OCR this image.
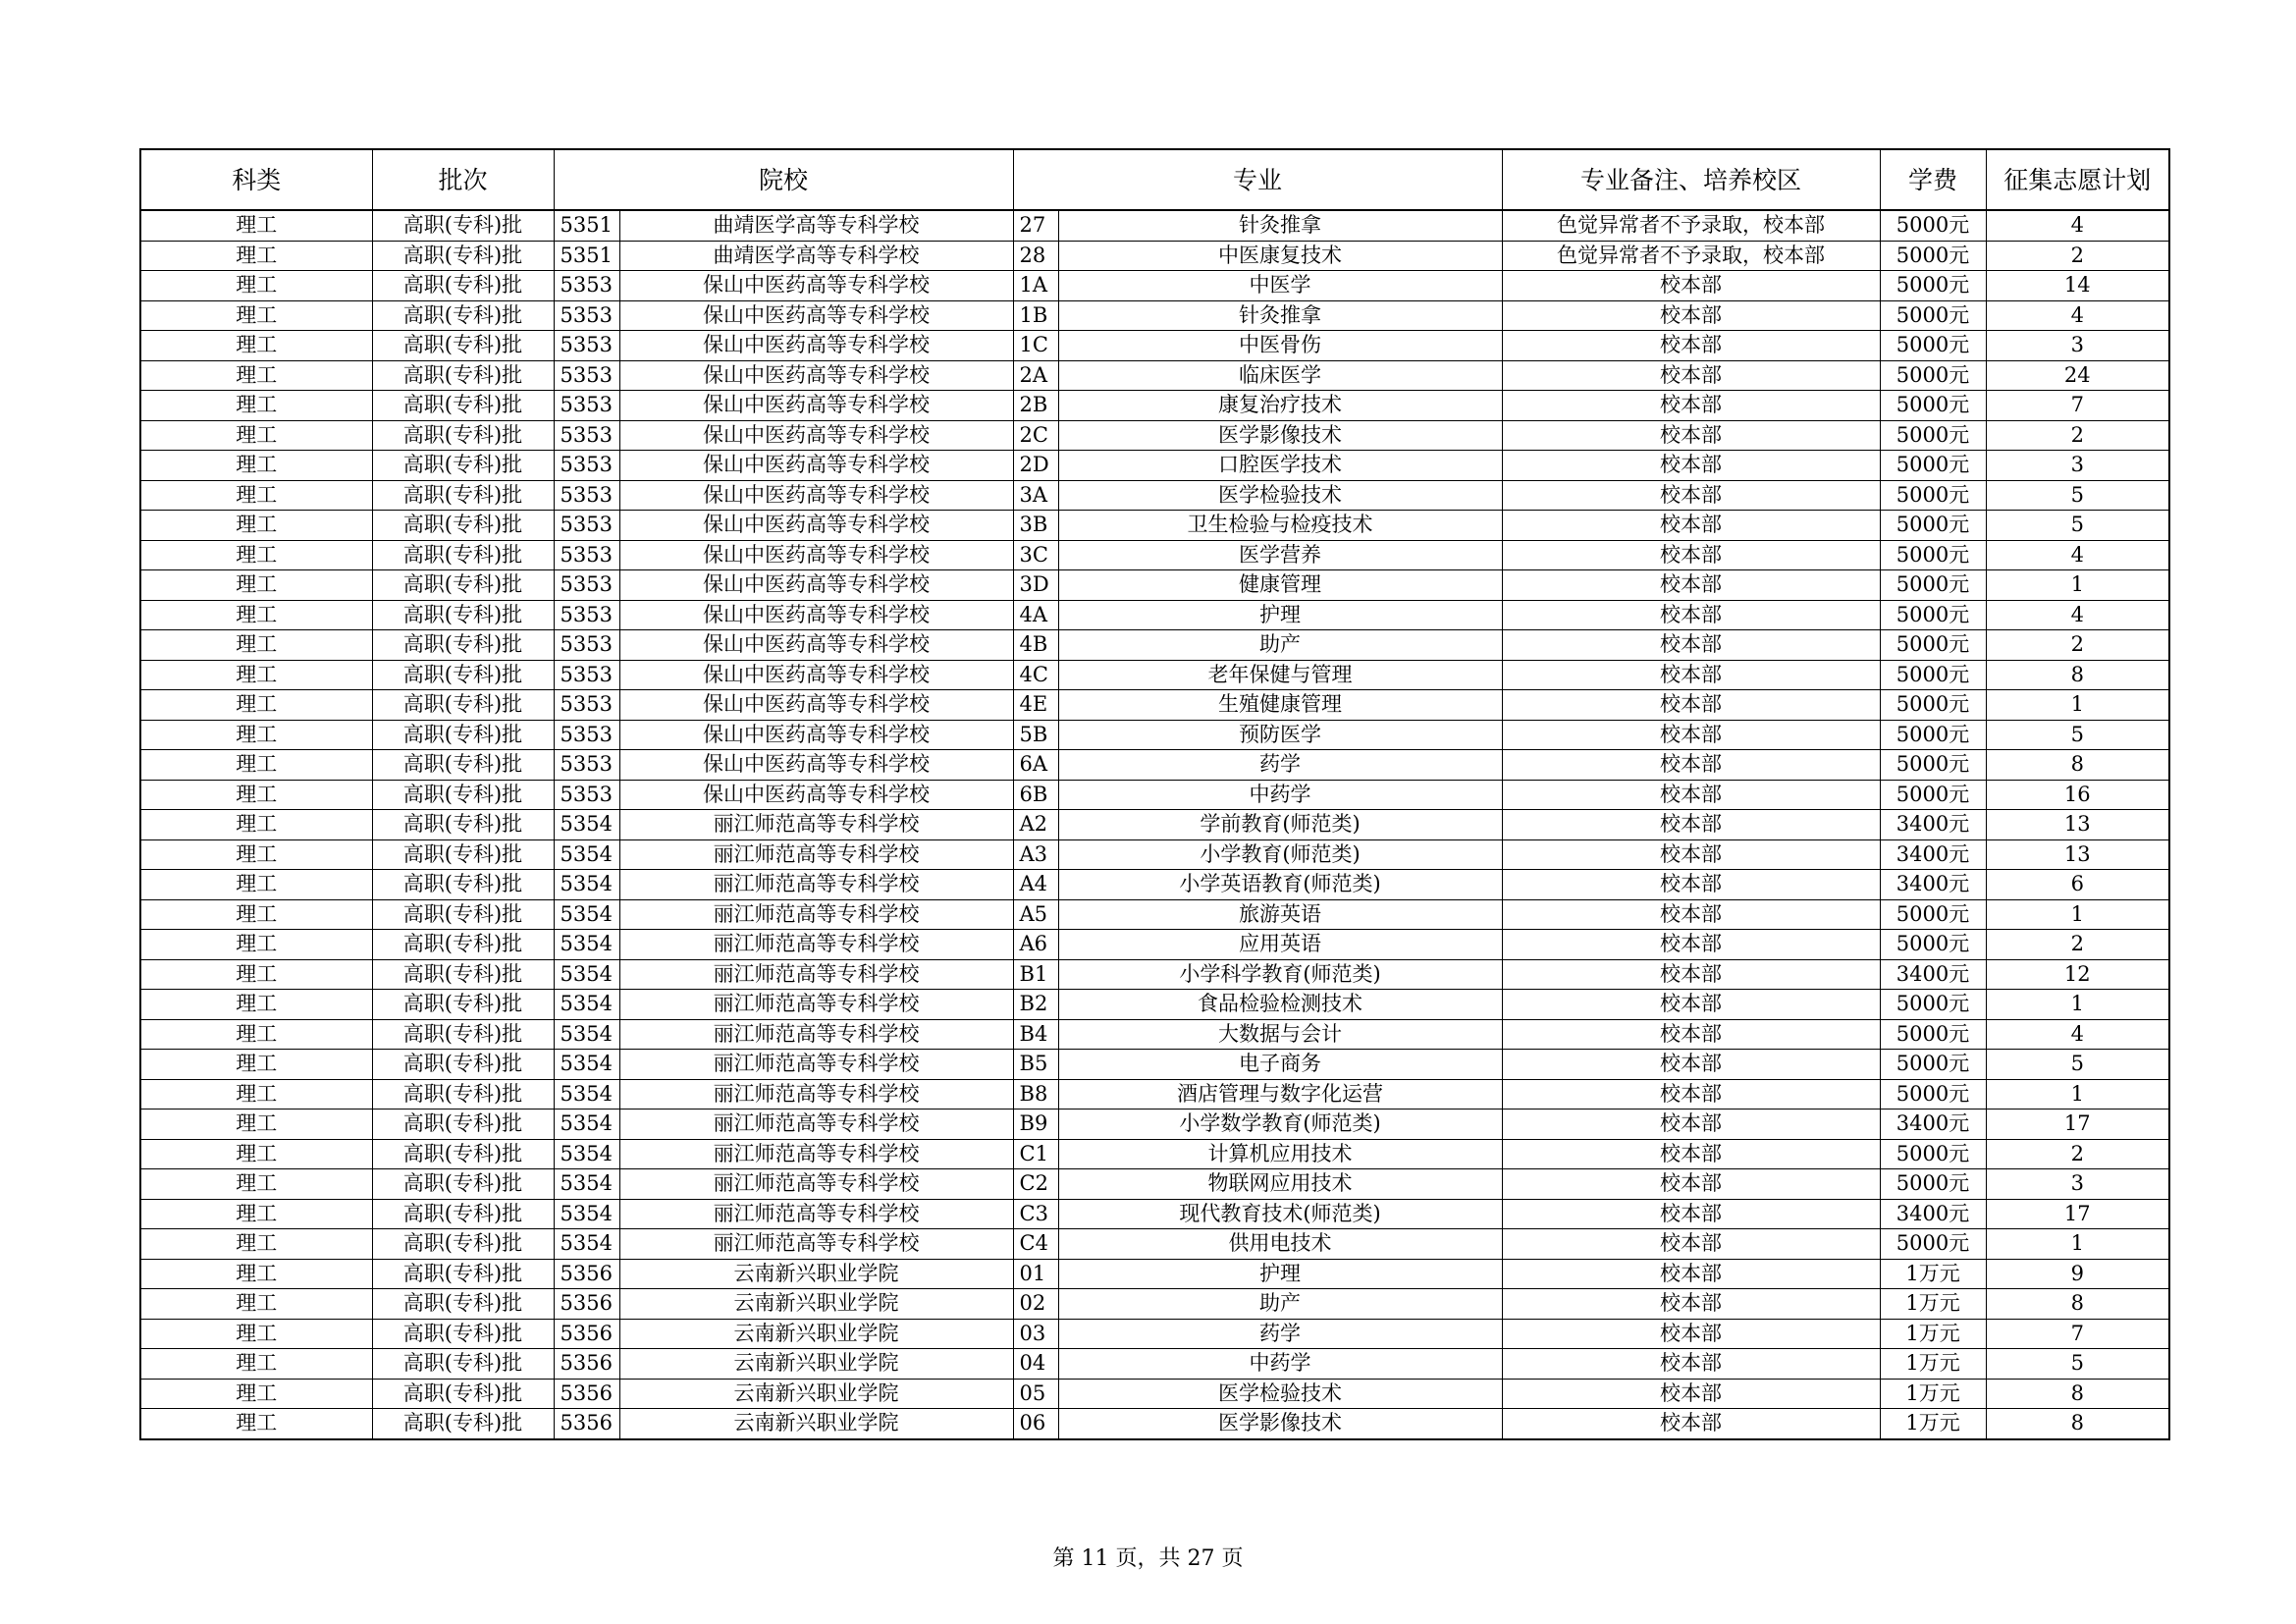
科类	批次	院校		专业		专业备注、培养校区	学费	征集志愿计划
理工	高职(专科)批	5351	曲靖医学高等专科学校	27	针灸推拿	色觉异常者不予录取，校本部	5000元	4
理工	高职(专科)批	5351	曲靖医学高等专科学校	28	中医康复技术	色觉异常者不予录取，校本部	5000元	2
理工	高职(专科)批	5353	保山中医药高等专科学校	1A	中医学	校本部	5000元	14
理工	高职(专科)批	5353	保山中医药高等专科学校	1B	针灸推拿	校本部	5000元	4
理工	高职(专科)批	5353	保山中医药高等专科学校	1C	中医骨伤	校本部	5000元	3
理工	高职(专科)批	5353	保山中医药高等专科学校	2A	临床医学	校本部	5000元	24
理工	高职(专科)批	5353	保山中医药高等专科学校	2B	康复治疗技术	校本部	5000元	7
理工	高职(专科)批	5353	保山中医药高等专科学校	2C	医学影像技术	校本部	5000元	2
理工	高职(专科)批	5353	保山中医药高等专科学校	2D	口腔医学技术	校本部	5000元	3
理工	高职(专科)批	5353	保山中医药高等专科学校	3A	医学检验技术	校本部	5000元	5
理工	高职(专科)批	5353	保山中医药高等专科学校	3B	卫生检验与检疫技术	校本部	5000元	5
理工	高职(专科)批	5353	保山中医药高等专科学校	3C	医学营养	校本部	5000元	4
理工	高职(专科)批	5353	保山中医药高等专科学校	3D	健康管理	校本部	5000元	1
理工	高职(专科)批	5353	保山中医药高等专科学校	4A	护理	校本部	5000元	4
理工	高职(专科)批	5353	保山中医药高等专科学校	4B	助产	校本部	5000元	2
理工	高职(专科)批	5353	保山中医药高等专科学校	4C	老年保健与管理	校本部	5000元	8
理工	高职(专科)批	5353	保山中医药高等专科学校	4E	生殖健康管理	校本部	5000元	1
理工	高职(专科)批	5353	保山中医药高等专科学校	5B	预防医学	校本部	5000元	5
理工	高职(专科)批	5353	保山中医药高等专科学校	6A	药学	校本部	5000元	8
理工	高职(专科)批	5353	保山中医药高等专科学校	6B	中药学	校本部	5000元	16
理工	高职(专科)批	5354	丽江师范高等专科学校	A2	学前教育(师范类)	校本部	3400元	13
理工	高职(专科)批	5354	丽江师范高等专科学校	A3	小学教育(师范类)	校本部	3400元	13
理工	高职(专科)批	5354	丽江师范高等专科学校	A4	小学英语教育(师范类)	校本部	3400元	6
理工	高职(专科)批	5354	丽江师范高等专科学校	A5	旅游英语	校本部	5000元	1
理工	高职(专科)批	5354	丽江师范高等专科学校	A6	应用英语	校本部	5000元	2
理工	高职(专科)批	5354	丽江师范高等专科学校	B1	小学科学教育(师范类)	校本部	3400元	12
理工	高职(专科)批	5354	丽江师范高等专科学校	B2	食品检验检测技术	校本部	5000元	1
理工	高职(专科)批	5354	丽江师范高等专科学校	B4	大数据与会计	校本部	5000元	4
理工	高职(专科)批	5354	丽江师范高等专科学校	B5	电子商务	校本部	5000元	5
理工	高职(专科)批	5354	丽江师范高等专科学校	B8	酒店管理与数字化运营	校本部	5000元	1
理工	高职(专科)批	5354	丽江师范高等专科学校	B9	小学数学教育(师范类)	校本部	3400元	17
理工	高职(专科)批	5354	丽江师范高等专科学校	C1	计算机应用技术	校本部	5000元	2
理工	高职(专科)批	5354	丽江师范高等专科学校	C2	物联网应用技术	校本部	5000元	3
理工	高职(专科)批	5354	丽江师范高等专科学校	C3	现代教育技术(师范类)	校本部	3400元	17
理工	高职(专科)批	5354	丽江师范高等专科学校	C4	供用电技术	校本部	5000元	1
理工	高职(专科)批	5356	云南新兴职业学院	01	护理	校本部	1万元	9
理工	高职(专科)批	5356	云南新兴职业学院	02	助产	校本部	1万元	8
理工	高职(专科)批	5356	云南新兴职业学院	03	药学	校本部	1万元	7
理工	高职(专科)批	5356	云南新兴职业学院	04	中药学	校本部	1万元	5
理工	高职(专科)批	5356	云南新兴职业学院	05	医学检验技术	校本部	1万元	8
理工	高职(专科)批	5356	云南新兴职业学院	06	医学影像技术	校本部	1万元	8
第 11 页，共 27 页
